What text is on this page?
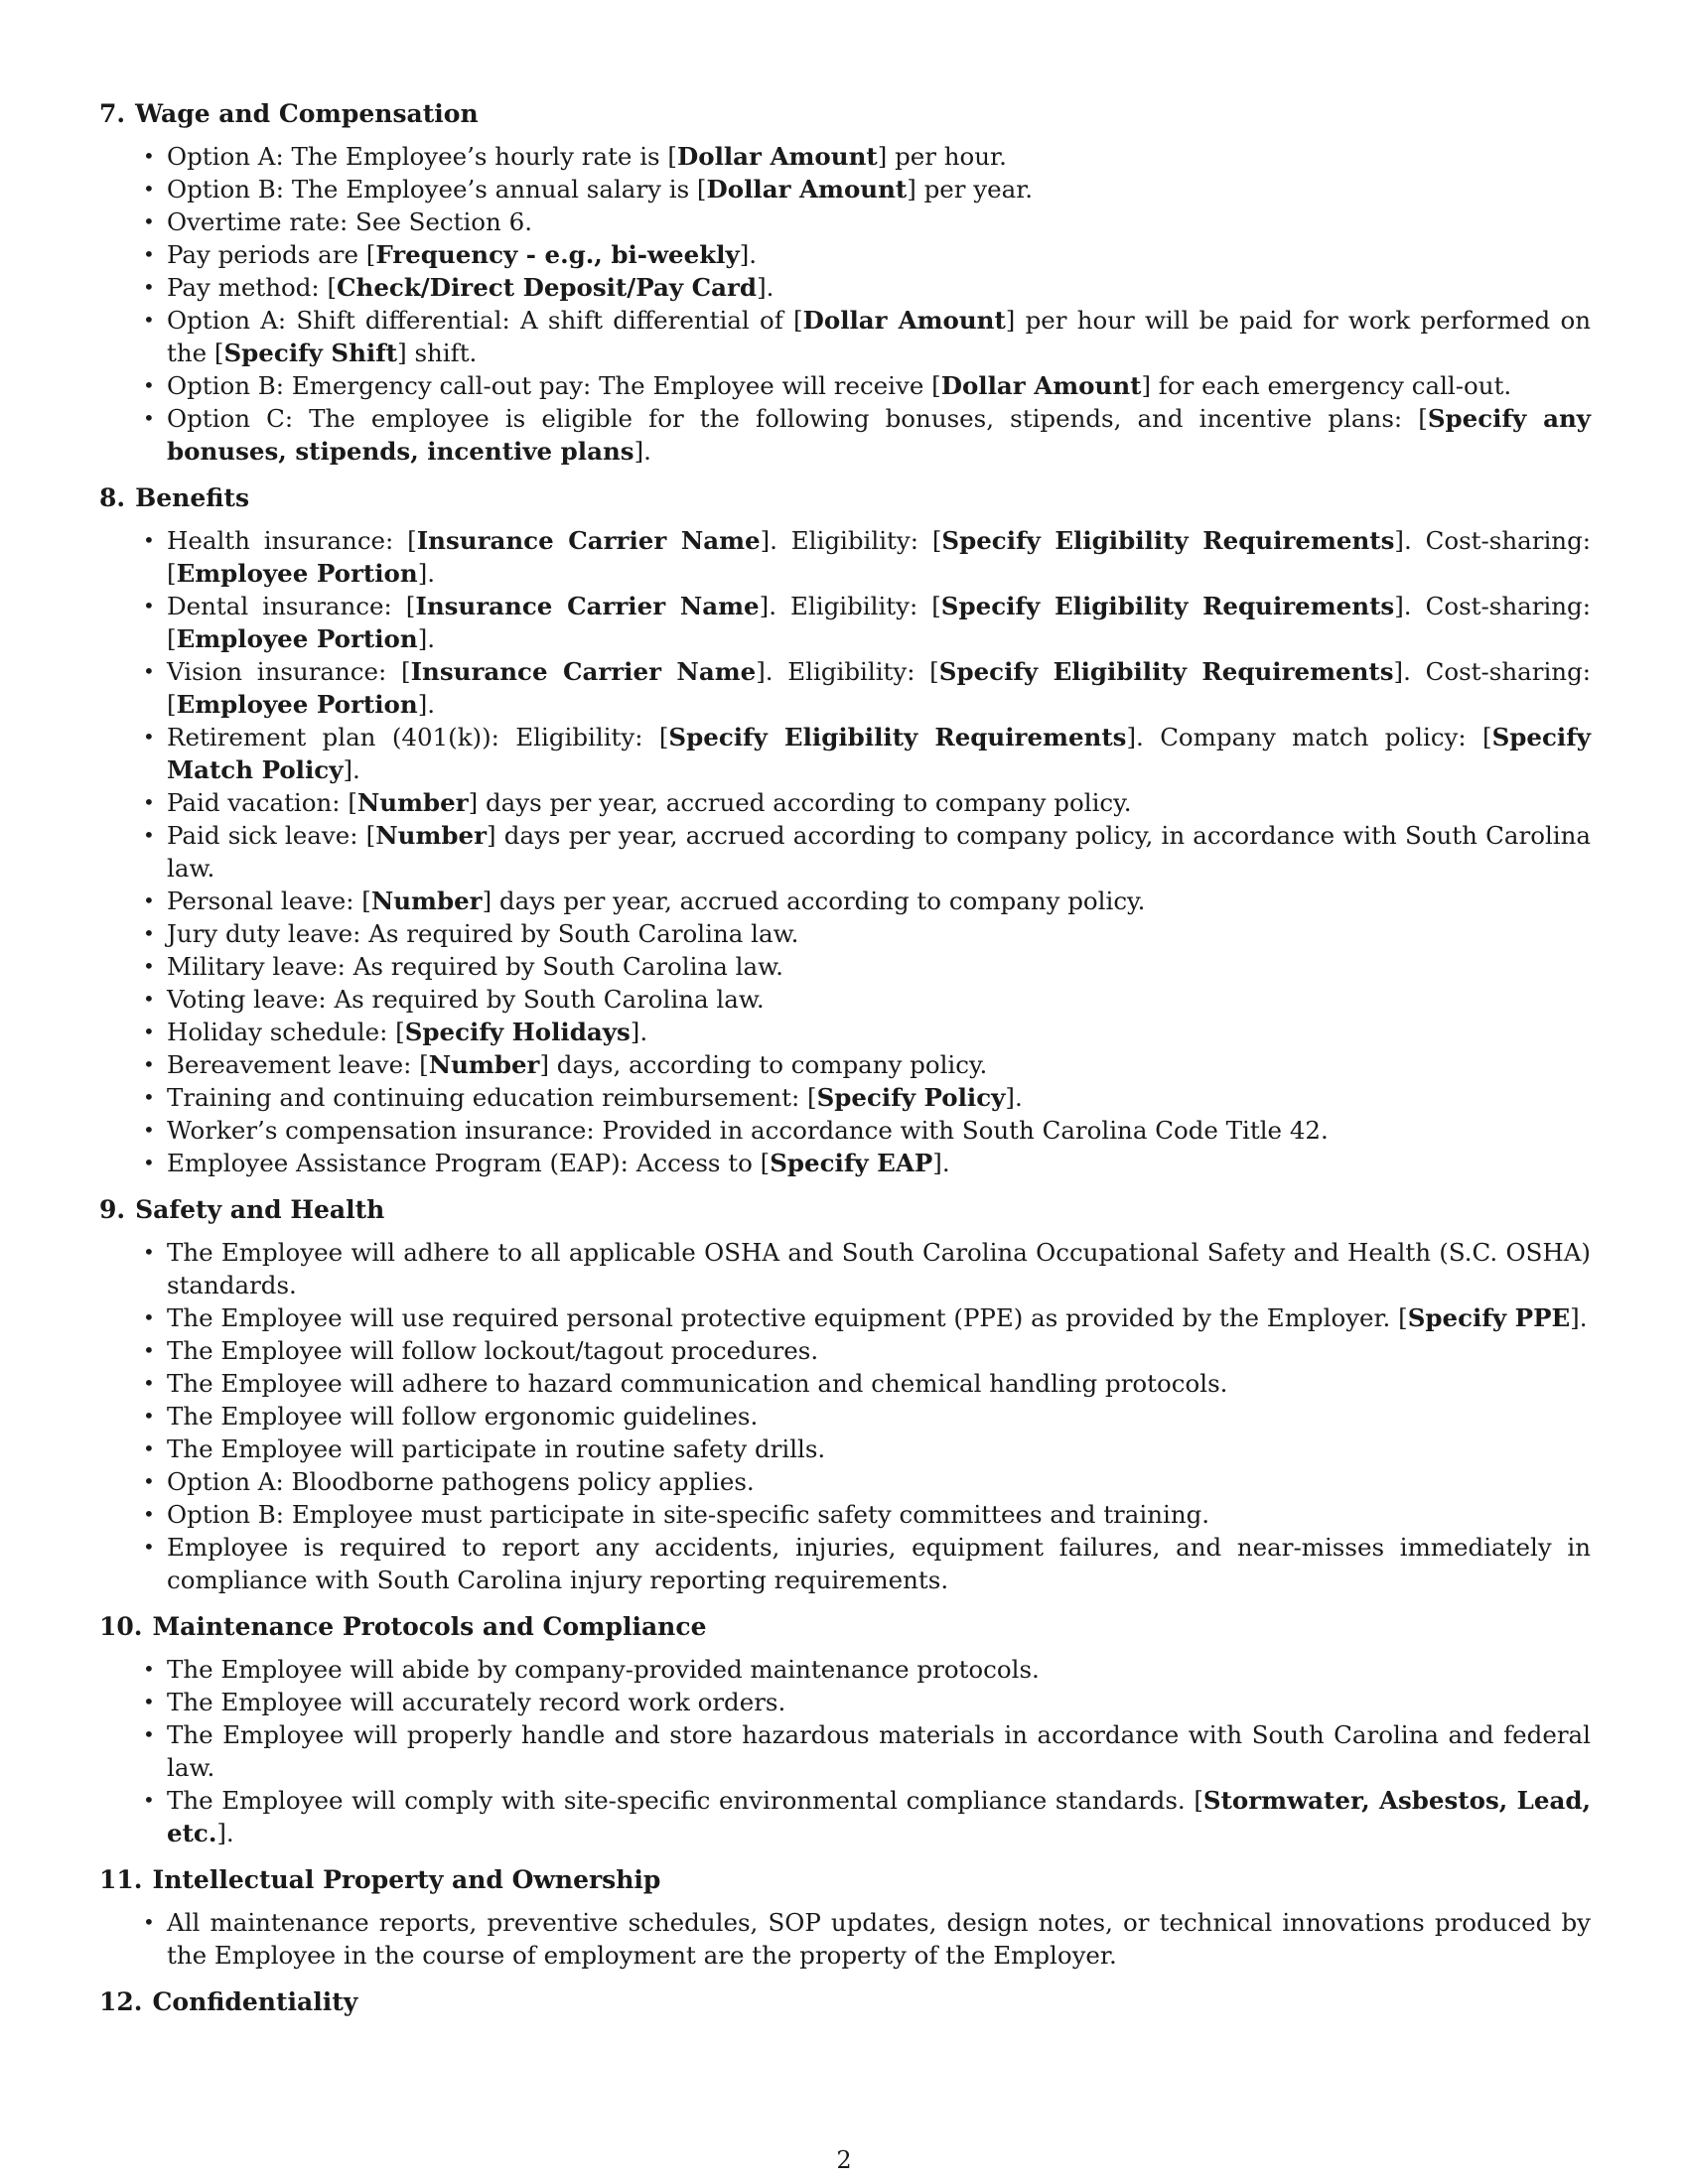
7. Wage and Compensation
• Option A: The Employee’s hourly rate is [Dollar Amount] per hour.
• Option B: The Employee’s annual salary is [Dollar Amount] per year.
• Overtime rate: See Section 6.
• Pay periods are [Frequency - e.g., bi-weekly].
• Pay method: [Check/Direct Deposit/Pay Card].
• Option A: Shift differential: A shift differential of [Dollar Amount] per hour will be paid for work performed on the [Specify Shift] shift.
• Option B: Emergency call-out pay: The Employee will receive [Dollar Amount] for each emergency call-out.
• Option C: The employee is eligible for the following bonuses, stipends, and incentive plans: [Specify any bonuses, stipends, incentive plans].
8. Benefits
• Health insurance: [Insurance Carrier Name]. Eligibility: [Specify Eligibility Requirements]. Cost-sharing: [Employee Portion].
• Dental insurance: [Insurance Carrier Name]. Eligibility: [Specify Eligibility Requirements]. Cost-sharing: [Employee Portion].
• Vision insurance: [Insurance Carrier Name]. Eligibility: [Specify Eligibility Requirements]. Cost-sharing: [Employee Portion].
• Retirement plan (401(k)): Eligibility: [Specify Eligibility Requirements]. Company match policy: [Specify Match Policy].
• Paid vacation: [Number] days per year, accrued according to company policy.
• Paid sick leave: [Number] days per year, accrued according to company policy, in accordance with South Carolina law.
• Personal leave: [Number] days per year, accrued according to company policy.
• Jury duty leave: As required by South Carolina law.
• Military leave: As required by South Carolina law.
• Voting leave: As required by South Carolina law.
• Holiday schedule: [Specify Holidays].
• Bereavement leave: [Number] days, according to company policy.
• Training and continuing education reimbursement: [Specify Policy].
• Worker’s compensation insurance: Provided in accordance with South Carolina Code Title 42.
• Employee Assistance Program (EAP): Access to [Specify EAP].
9. Safety and Health
• The Employee will adhere to all applicable OSHA and South Carolina Occupational Safety and Health (S.C. OSHA) standards.
• The Employee will use required personal protective equipment (PPE) as provided by the Employer. [Specify PPE].
• The Employee will follow lockout/tagout procedures.
• The Employee will adhere to hazard communication and chemical handling protocols.
• The Employee will follow ergonomic guidelines.
• The Employee will participate in routine safety drills.
• Option A: Bloodborne pathogens policy applies.
• Option B: Employee must participate in site-specific safety committees and training.
• Employee is required to report any accidents, injuries, equipment failures, and near-misses immediately in compliance with South Carolina injury reporting requirements.
10. Maintenance Protocols and Compliance
• The Employee will abide by company-provided maintenance protocols.
• The Employee will accurately record work orders.
• The Employee will properly handle and store hazardous materials in accordance with South Carolina and federal law.
• The Employee will comply with site-specific environmental compliance standards. [Stormwater, Asbestos, Lead, etc.].
11. Intellectual Property and Ownership
• All maintenance reports, preventive schedules, SOP updates, design notes, or technical innovations produced by the Employee in the course of employment are the property of the Employer.
12. Confidentiality
2
